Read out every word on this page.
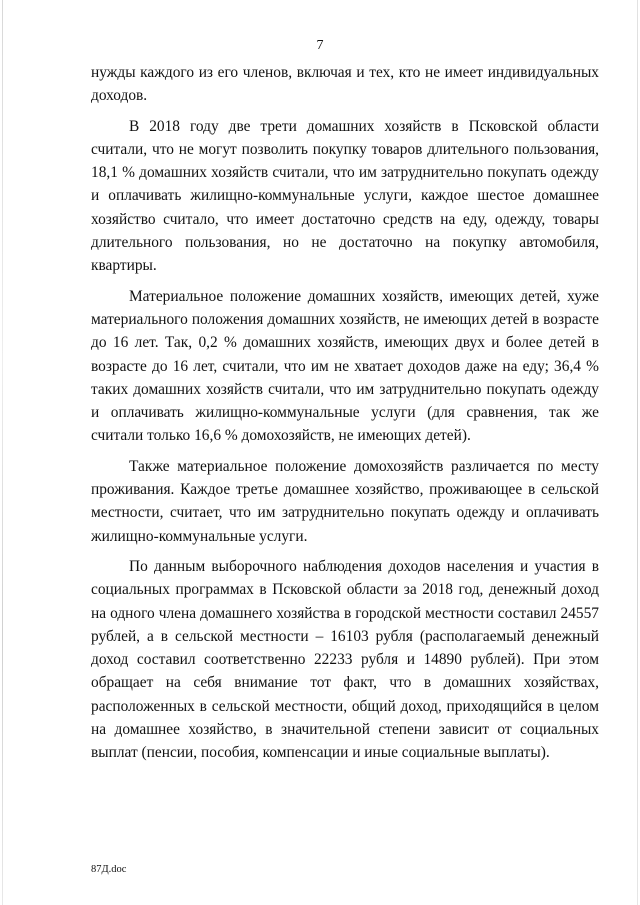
7

нужды каждого из его членов, включая и тех, кто не имеет индивидуальных доходов.

В 2018 году две трети домашних хозяйств в Псковской области считали, что не могут позволить покупку товаров длительного пользования, 18,1 % домашних хозяйств считали, что им затруднительно покупать одежду и оплачивать жилищно-коммунальные услуги, каждое шестое домашнее хозяйство считало, что имеет достаточно средств на еду, одежду, товары длительного пользования, но не достаточно на покупку автомобиля, квартиры.

Материальное положение домашних хозяйств, имеющих детей, хуже материального положения домашних хозяйств, не имеющих детей в возрасте до 16 лет. Так, 0,2 % домашних хозяйств, имеющих двух и более детей в возрасте до 16 лет, считали, что им не хватает доходов даже на еду; 36,4 % таких домашних хозяйств считали, что им затруднительно покупать одежду и оплачивать жилищно-коммунальные услуги (для сравнения, так же считали только 16,6 % домохозяйств, не имеющих детей).

Также материальное положение домохозяйств различается по месту проживания. Каждое третье домашнее хозяйство, проживающее в сельской местности, считает, что им затруднительно покупать одежду и оплачивать жилищно-коммунальные услуги.

По данным выборочного наблюдения доходов населения и участия в социальных программах в Псковской области за 2018 год, денежный доход на одного члена домашнего хозяйства в городской местности составил 24557 рублей, а в сельской местности – 16103 рубля (располагаемый денежный доход составил соответственно 22233 рубля и 14890 рублей). При этом обращает на себя внимание тот факт, что в домашних хозяйствах, расположенных в сельской местности, общий доход, приходящийся в целом на домашнее хозяйство, в значительной степени зависит от социальных выплат (пенсии, пособия, компенсации и иные социальные выплаты).

87Д.doc
